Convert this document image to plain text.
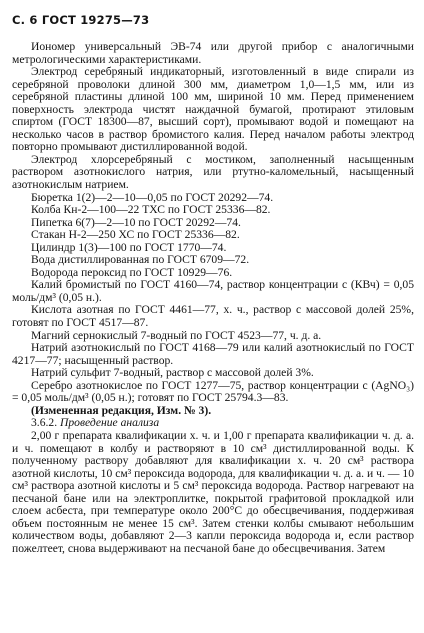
С. 6 ГОСТ 19275—73

Иономер универсальный ЭВ-74 или другой прибор с аналогичными метрологическими характеристиками.

Электрод серебряный индикаторный, изготовленный в виде спирали из серебряной проволоки длиной 300 мм, диаметром 1,0—1,5 мм, или из серебряной пластины длиной 100 мм, шириной 10 мм. Перед применением поверхность электрода чистят наждачной бумагой, протирают этиловым спиртом (ГОСТ 18300—87, высший сорт), промывают водой и помещают на несколько часов в раствор бромистого калия. Перед началом работы электрод повторно промывают дистиллированной водой.

Электрод хлорсеребряный с мостиком, заполненный насыщенным раствором азотнокислого натрия, или ртутно-каломельный, насыщенный азотнокислым натрием.

Бюретка 1(2)—2—10—0,05 по ГОСТ 20292—74.

Колба Кн-2—100—22 ТХС по ГОСТ 25336—82.

Пипетка 6(7)—2—10 по ГОСТ 20292—74.

Стакан Н-2—250 ХС по ГОСТ 25336—82.

Цилиндр 1(3)—100 по ГОСТ 1770—74.

Вода дистиллированная по ГОСТ 6709—72.

Водорода пероксид по ГОСТ 10929—76.

Калий бромистый по ГОСТ 4160—74, раствор концентрации с (КВч) = 0,05 моль/дм³ (0,05 н.).

Кислота азотная по ГОСТ 4461—77, х. ч., раствор с массовой долей 25%, готовят по ГОСТ 4517—87.

Магний сернокислый 7-водный по ГОСТ 4523—77, ч. д. а.

Натрий азотнокислый по ГОСТ 4168—79 или калий азотнокислый по ГОСТ 4217—77; насыщенный раствор.

Натрий сульфит 7-водный, раствор с массовой долей 3%.

Серебро азотнокислое по ГОСТ 1277—75, раствор концентрации с (AgNO₃) = 0,05 моль/дм³ (0,05 н.); готовят по ГОСТ 25794.3—83.

(Измененная редакция, Изм. № 3).

3.6.2. Проведение анализа

2,00 г препарата квалификации х. ч. и 1,00 г препарата квалификации ч. д. а. и ч. помещают в колбу и растворяют в 10 см³ дистиллированной воды. К полученному раствору добавляют для квалификации х. ч. 20 см³ раствора азотной кислоты, 10 см³ пероксида водорода, для квалификации ч. д. а. и ч. — 10 см³ раствора азотной кислоты и 5 см³ пероксида водорода. Раствор нагревают на песчаной бане или на электроплитке, покрытой графитовой прокладкой или слоем асбеста, при температуре около 200°С до обесцвечивания, поддерживая объем постоянным не менее 15 см³. Затем стенки колбы смывают небольшим количеством воды, добавляют 2—3 капли пероксида водорода и, если раствор пожелтеет, снова выдерживают на песчаной бане до обесцвечивания. Затем
